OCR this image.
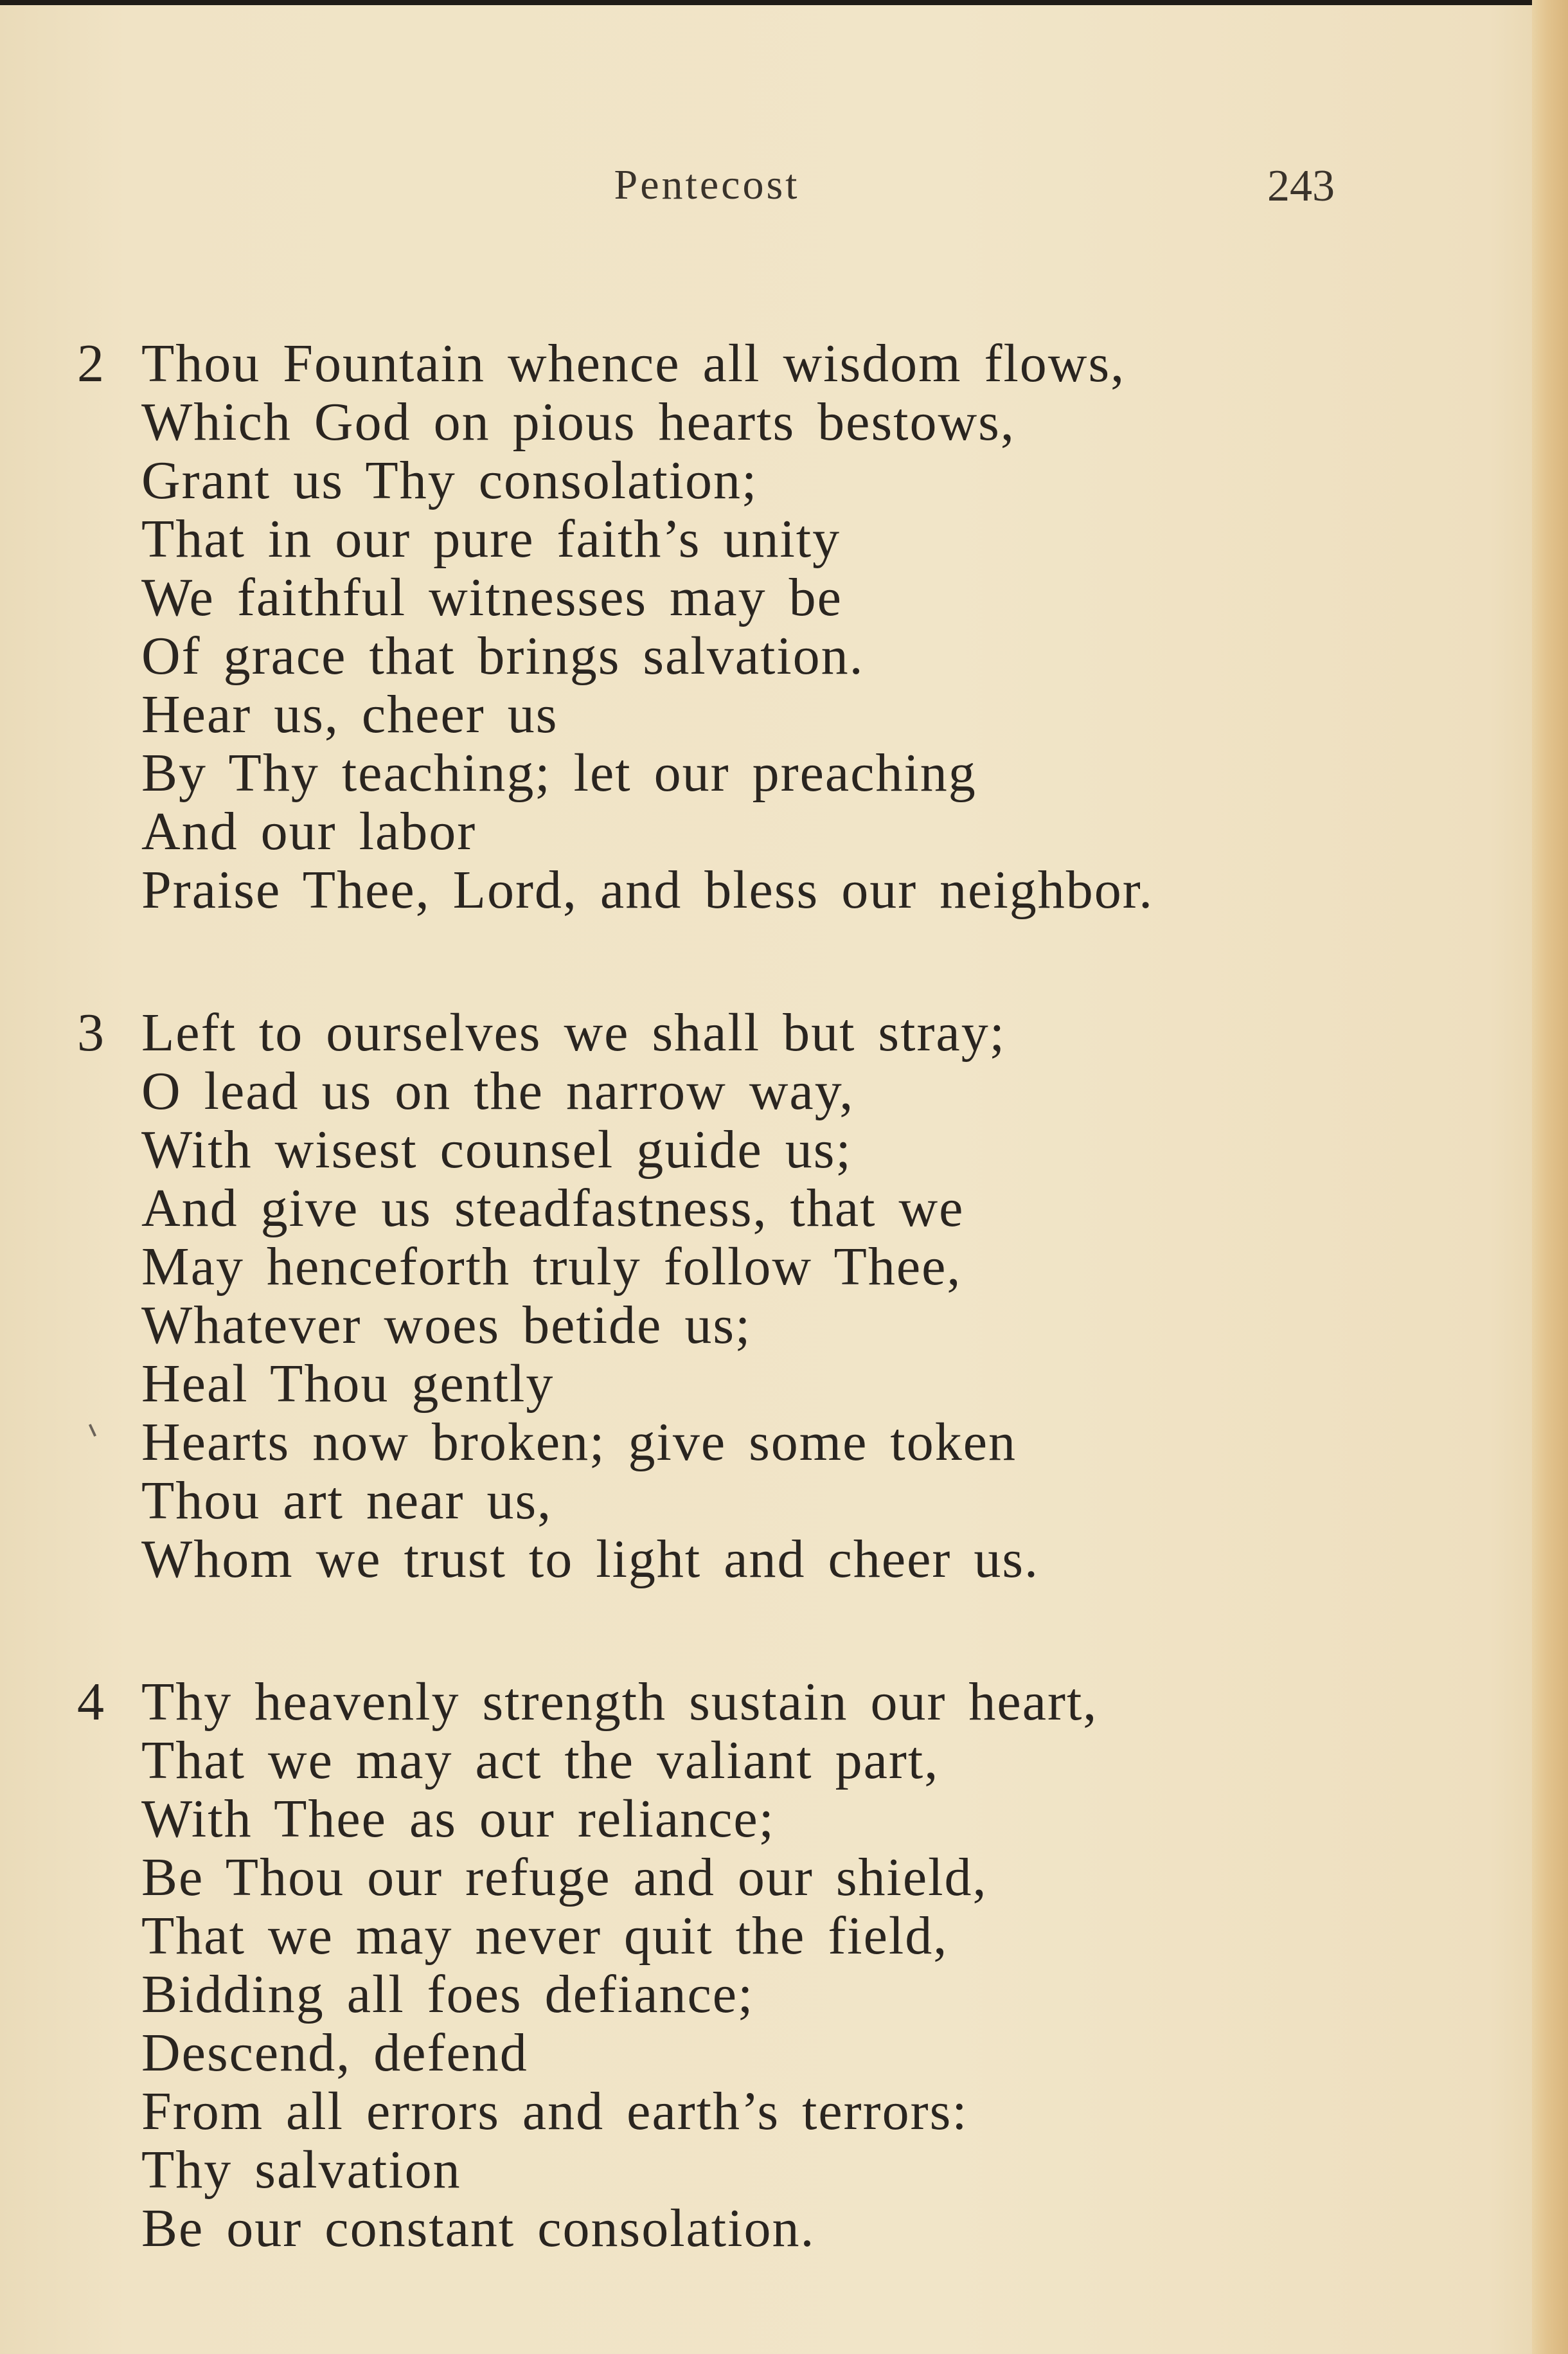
Pentecost	243
2 Thou Fountain whence all wisdom flows,
Which God on pious hearts bestows,
Grant us Thy consolation;
That in our pure faith’s unity
We faithful witnesses may be
Of grace that brings salvation.
Hear us, cheer us
By Thy teaching; let our preaching
And our labor
Praise Thee, Lord, and bless our neighbor.
3 Left to ourselves we shall but stray;
O lead us on the narrow way,
With wisest counsel guide us;
And give us steadfastness, that we
May henceforth truly follow Thee,
Whatever woes betide us;
Heal Thou gently
Hearts now broken; give some token
Thou art near us,
Whom we trust to light and cheer us.
4 Thy heavenly strength sustain our heart,
That we may act the valiant part,
With Thee as our reliance;
Be Thou our refuge and our shield,
That we may never quit the field,
Bidding all foes defiance;
Descend, defend
From all errors and earth’s terrors:
Thy salvation
Be our constant consolation.
